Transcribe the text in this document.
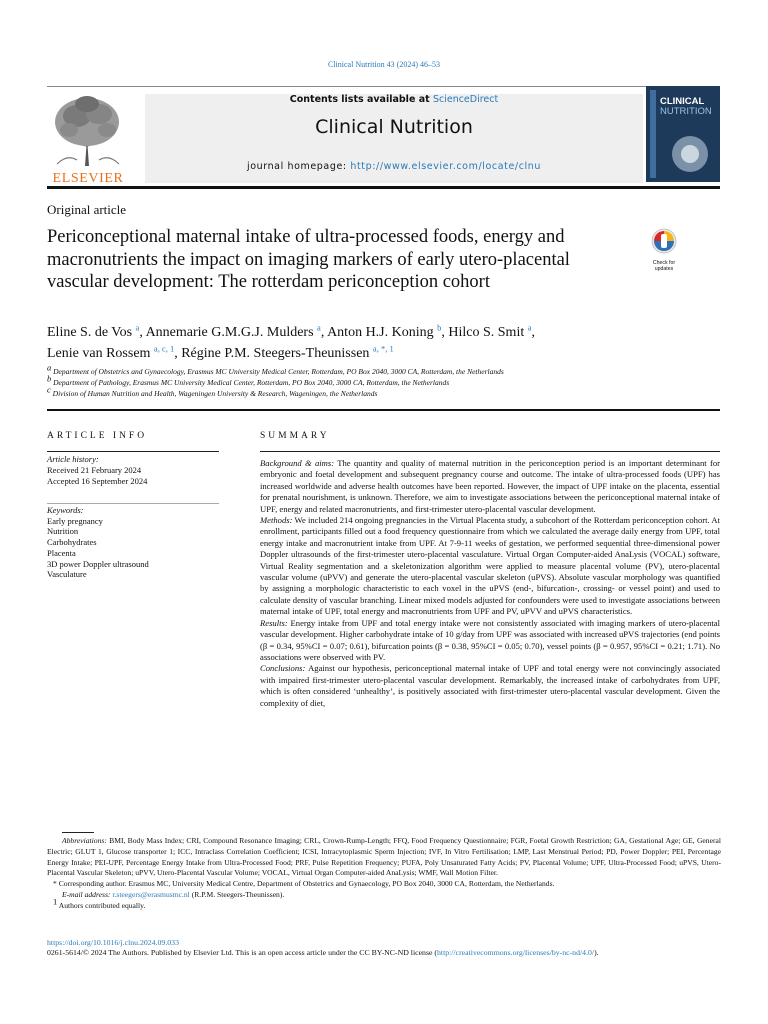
Clinical Nutrition 43 (2024) 46–53
ELSEVIER
Contents lists available at ScienceDirect
Clinical Nutrition
journal homepage: http://www.elsevier.com/locate/clnu
CLINICAL
NUTRITION
Original article
Periconceptional maternal intake of ultra-processed foods, energy and macronutrients the impact on imaging markers of early utero-placental vascular development: The rotterdam periconception cohort
Check for updates
Eline S. de Vos $^a$, Annemarie G.M.G.J. Mulders $^a$, Anton H.J. Koning $^b$, Hilco S. Smit $^a$,
Lenie van Rossem $^{a, c, 1}$, Régine P.M. Steegers-Theunissen $^{a, *, 1}$
$^a$ Department of Obstetrics and Gynaecology, Erasmus MC University Medical Center, Rotterdam, PO Box 2040, 3000 CA, Rotterdam, the Netherlands
$^b$ Department of Pathology, Erasmus MC University Medical Center, Rotterdam, PO Box 2040, 3000 CA, Rotterdam, the Netherlands
$^c$ Division of Human Nutrition and Health, Wageningen University & Research, Wageningen, the Netherlands
ARTICLE INFO
Article history:
Received 21 February 2024
Accepted 16 September 2024
Keywords:
Early pregnancy
Nutrition
Carbohydrates
Placenta
3D power Doppler ultrasound
Vasculature
SUMMARY

Background & aims: The quantity and quality of maternal nutrition in the periconception period is an important determinant for embryonic and foetal development and subsequent pregnancy course and outcome. The intake of ultra-processed foods (UPF) has increased worldwide and adverse health outcomes have been reported. However, the impact of UPF intake on the placenta, essential for prenatal nourishment, is unknown. Therefore, we aim to investigate associations between the periconceptional maternal intake of UPF, energy and related macronutrients, and first-trimester utero-placental vascular development.

Methods: We included 214 ongoing pregnancies in the Virtual Placenta study, a subcohort of the Rotterdam periconception cohort. At enrollment, participants filled out a food frequency questionnaire from which we calculated the average daily energy from UPF, total energy intake and macronutrient intake from UPF. At 7-9-11 weeks of gestation, we performed sequential three-dimensional power Doppler ultrasounds of the first-trimester utero-placental vasculature. Virtual Organ Computer-aided AnaLysis (VOCAL) software, Virtual Reality segmentation and a skeletonization algorithm were applied to measure placental volume (PV), utero-placental vascular volume (uPVV) and generate the utero-placental vascular skeleton (uPVS). Absolute vascular morphology was quantified by assigning a morphologic characteristic to each voxel in the uPVS (end-, bifurcation-, crossing- or vessel point) and used to calculate density of vascular branching. Linear mixed models adjusted for confounders were used to investigate associations between maternal intake of UPF, total energy and macronutrients from UPF and PV, uPVV and uPVS characteristics.

Results: Energy intake from UPF and total energy intake were not consistently associated with imaging markers of utero-placental vascular development. Higher carbohydrate intake of 10 g/day from UPF was associated with increased uPVS trajectories (end points (β = 0.34, 95%CI = 0.07; 0.61), bifurcation points (β = 0.38, 95%CI = 0.05; 0.70), vessel points (β = 0.957, 95%CI = 0.21; 1.71). No associations were observed with PV.

Conclusions: Against our hypothesis, periconceptional maternal intake of UPF and total energy were not convincingly associated with impaired first-trimester utero-placental vascular development. Remarkably, the increased intake of carbohydrates from UPF, which is often considered ‘unhealthy’, is positively associated with first-trimester utero-placental vascular development. Given the complexity of diet,

Abbreviations: BMI, Body Mass Index; CRI, Compound Resonance Imaging; CRL, Crown-Rump-Length; FFQ, Food Frequency Questionnaire; FGR, Foetal Growth Restriction; GA, Gestational Age; GE, General Electric; GLUT 1, Glucose transporter 1; ICC, Intraclass Correlation Coefficient; ICSI, Intracytoplasmic Sperm Injection; IVF, In Vitro Fertilisation; LMP, Last Menstrual Period; PD, Power Doppler; PEI, Percentage Energy Intake; PEI-UPF, Percentage Energy Intake from Ultra-Processed Food; PRF, Pulse Repetition Frequency; PUFA, Poly Unsaturated Fatty Acids; PV, Placental Volume; UPF, Ultra-Processed Food; uPVS, Utero-Placental Vascular Skeleton; uPVV, Utero-Placental Vascular Volume; VOCAL, Virtual Organ Computer-aided AnaLysis; WMF, Wall Motion Filter.

* Corresponding author. Erasmus MC, University Medical Centre, Department of Obstetrics and Gynaecology, PO Box 2040, 3000 CA, Rotterdam, the Netherlands.

E-mail address: r.steegers@erasmusmc.nl (R.P.M. Steegers-Theunissen).

$^1$ Authors contributed equally.

https://doi.org/10.1016/j.clnu.2024.09.033
0261-5614/© 2024 The Authors. Published by Elsevier Ltd. This is an open access article under the CC BY-NC-ND license (http://creativecommons.org/licenses/by-nc-nd/4.0/).
